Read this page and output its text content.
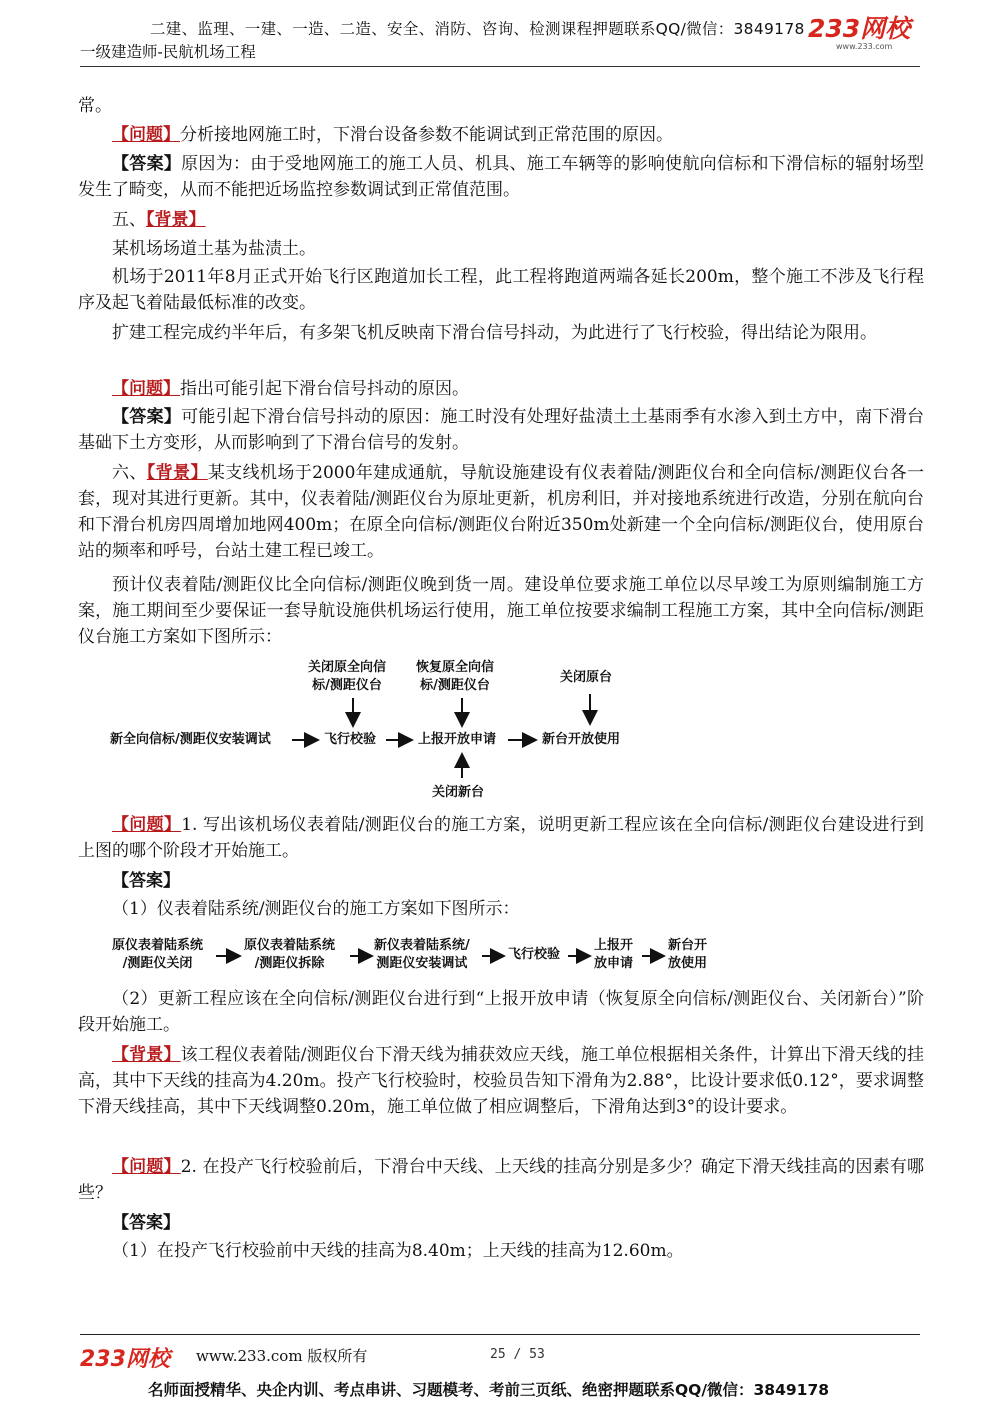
二建、监理、一建、一造、二造、安全、消防、咨询、检测课程押题联系QQ/微信：3849178
一级建造师-民航机场工程
233网校
www.233.com

常。

【问题】分析接地网施工时，下滑台设备参数不能调试到正常范围的原因。

【答案】原因为：由于受地网施工的施工人员、机具、施工车辆等的影响使航向信标和下滑信标的辐射场型发生了畸变，从而不能把近场监控参数调试到正常值范围。

五、【背景】

某机场场道土基为盐渍土。

机场于2011年8月正式开始飞行区跑道加长工程，此工程将跑道两端各延长200m，整个施工不涉及飞行程序及起飞着陆最低标准的改变。

扩建工程完成约半年后，有多架飞机反映南下滑台信号抖动，为此进行了飞行校验，得出结论为限用。

【问题】指出可能引起下滑台信号抖动的原因。

【答案】可能引起下滑台信号抖动的原因：施工时没有处理好盐渍土土基雨季有水渗入到土方中，南下滑台基础下土方变形，从而影响到了下滑台信号的发射。

六、【背景】某支线机场于2000年建成通航，导航设施建设有仪表着陆/测距仪台和全向信标/测距仪台各一套，现对其进行更新。其中，仪表着陆/测距仪台为原址更新，机房利旧，并对接地系统进行改造，分别在航向台和下滑台机房四周增加地网400m；在原全向信标/测距仪台附近350m处新建一个全向信标/测距仪台，使用原台站的频率和呼号，台站土建工程已竣工。

预计仪表着陆/测距仪比全向信标/测距仪晚到货一周。建设单位要求施工单位以尽早竣工为原则编制施工方案，施工期间至少要保证一套导航设施供机场运行使用，施工单位按要求编制工程施工方案，其中全向信标/测距仪台施工方案如下图所示：

新全向信标/测距仪安装调试	飞行校验	上报开放申请	新台开放使用
关闭原全向信
标/测距仪台
恢复原全向信
标/测距仪台
关闭原台
关闭新台

【问题】1. 写出该机场仪表着陆/测距仪台的施工方案，说明更新工程应该在全向信标/测距仪台建设进行到上图的哪个阶段才开始施工。

【答案】

（1）仪表着陆系统/测距仪台的施工方案如下图所示：

原仪表着陆系统
/测距仪关闭
原仪表着陆系统
/测距仪拆除
新仪表着陆系统/
测距仪安装调试
飞行校验
上报开
放申请
新台开
放使用

（2）更新工程应该在全向信标/测距仪台进行到“上报开放申请（恢复原全向信标/测距仪台、关闭新台）”阶段开始施工。

【背景】该工程仪表着陆/测距仪台下滑天线为捕获效应天线，施工单位根据相关条件，计算出下滑天线的挂高，其中下天线的挂高为4.20m。投产飞行校验时，校验员告知下滑角为2.88°，比设计要求低0.12°，要求调整下滑天线挂高，其中下天线调整0.20m，施工单位做了相应调整后，下滑角达到3°的设计要求。

【问题】2. 在投产飞行校验前后，下滑台中天线、上天线的挂高分别是多少？确定下滑天线挂高的因素有哪些？

【答案】

（1）在投产飞行校验前中天线的挂高为8.40m；上天线的挂高为12.60m。

233网校 www.233.com 版权所有	25 / 53
名师面授精华、央企内训、考点串讲、习题模考、考前三页纸、绝密押题联系QQ/微信：3849178
